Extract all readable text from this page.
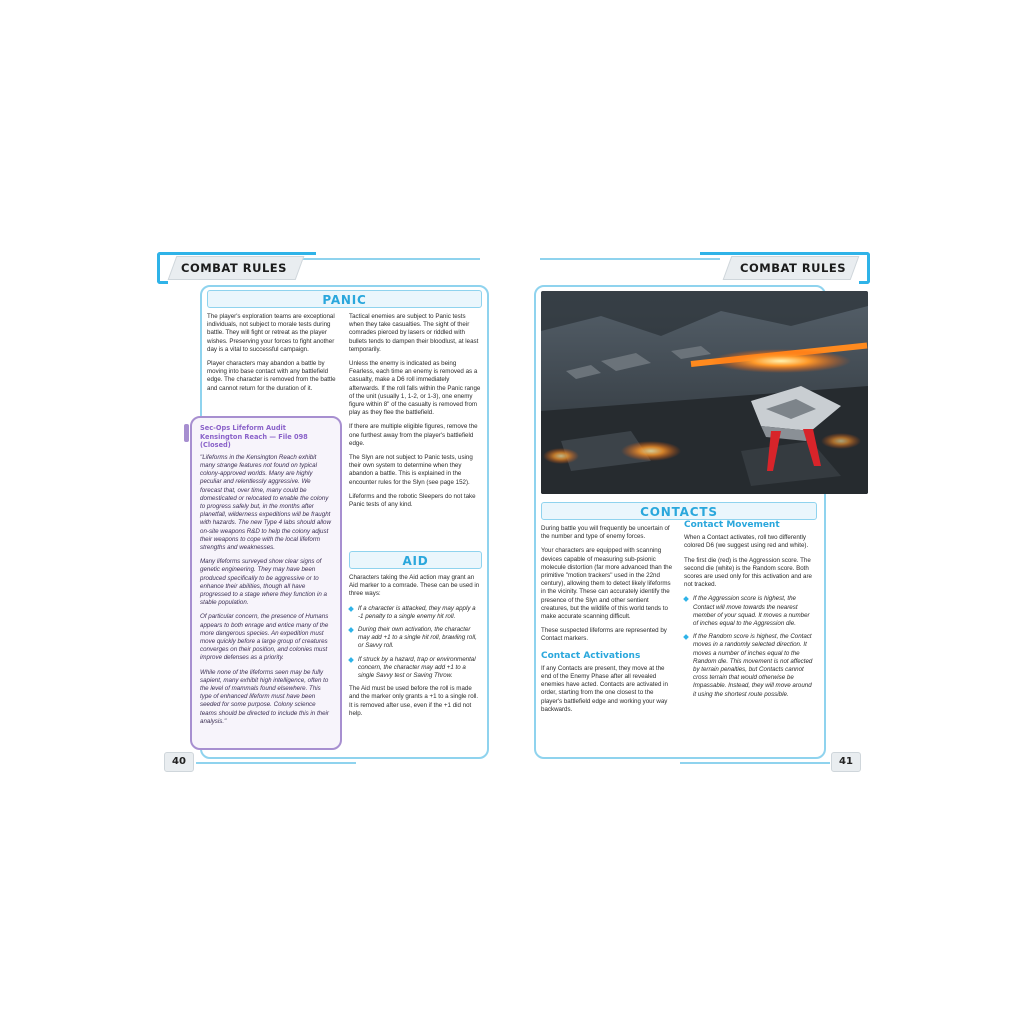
COMBAT RULES
PANIC

The player's exploration teams are exceptional individuals, not subject to morale tests during battle. They will fight or retreat as the player wishes. Preserving your forces to fight another day is a vital to successful campaign.

Player characters may abandon a battle by moving into base contact with any battlefield edge. The character is removed from the battle and cannot return for the duration of it.

Tactical enemies are subject to Panic tests when they take casualties. The sight of their comrades pierced by lasers or riddled with bullets tends to dampen their bloodlust, at least temporarily.

Unless the enemy is indicated as being Fearless, each time an enemy is removed as a casualty, make a D6 roll immediately afterwards. If the roll falls within the Panic range of the unit (usually 1, 1-2, or 1-3), one enemy figure within 8" of the casualty is removed from play as they flee the battlefield.

If there are multiple eligible figures, remove the one furthest away from the player's battlefield edge.

The Slyn are not subject to Panic tests, using their own system to determine when they abandon a battle. This is explained in the encounter rules for the Slyn (see page 152).

Lifeforms and the robotic Sleepers do not take Panic tests of any kind.

AID

Characters taking the Aid action may grant an Aid marker to a comrade. These can be used in three ways:

If a character is attacked, they may apply a -1 penalty to a single enemy hit roll.
During their own activation, the character may add +1 to a single hit roll, brawling roll, or Savvy roll.
If struck by a hazard, trap or environmental concern, the character may add +1 to a single Savvy test or Saving Throw.

The Aid must be used before the roll is made and the marker only grants a +1 to a single roll. It is removed after use, even if the +1 did not help.

Sec-Ops Lifeform Audit
Kensington Reach — File 098 (Closed)

"Lifeforms in the Kensington Reach exhibit many strange features not found on typical colony-approved worlds. Many are highly peculiar and relentlessly aggressive. We forecast that, over time, many could be domesticated or relocated to enable the colony to progress safely but, in the months after planetfall, wilderness expeditions will be fraught with hazards. The new Type 4 labs should allow on-site weapons R&D to help the colony adjust their weapons to cope with the local lifeform strengths and weaknesses.

Many lifeforms surveyed show clear signs of genetic engineering. They may have been produced specifically to be aggressive or to enhance their abilities, though all have progressed to a stage where they function in a stable population.

Of particular concern, the presence of Humans appears to both enrage and entice many of the more dangerous species. An expedition must move quickly before a large group of creatures converges on their position, and colonies must improve defenses as a priority.

While none of the lifeforms seen may be fully sapient, many exhibit high intelligence, often to the level of mammals found elsewhere. This type of enhanced lifeform must have been seeded for some purpose. Colony science teams should be directed to include this in their analysis."

40
COMBAT RULES
CONTACTS

During battle you will frequently be uncertain of the number and type of enemy forces.

Your characters are equipped with scanning devices capable of measuring sub-psionic molecule distortion (far more advanced than the primitive "motion trackers" used in the 22nd century), allowing them to detect likely lifeforms in the vicinity. These can accurately identify the presence of the Slyn and other sentient creatures, but the wildlife of this world tends to make accurate scanning difficult.

These suspected lifeforms are represented by Contact markers.

Contact Activations

If any Contacts are present, they move at the end of the Enemy Phase after all revealed enemies have acted. Contacts are activated in order, starting from the one closest to the player's battlefield edge and working your way backwards.

Contact Movement

When a Contact activates, roll two differently colored D6 (we suggest using red and white).

The first die (red) is the Aggression score. The second die (white) is the Random score. Both scores are used only for this activation and are not tracked.

If the Aggression score is highest, the Contact will move towards the nearest member of your squad. It moves a number of inches equal to the Aggression die.
If the Random score is highest, the Contact moves in a randomly selected direction. It moves a number of inches equal to the Random die. This movement is not affected by terrain penalties, but Contacts cannot cross terrain that would otherwise be Impassable. Instead, they will move around it using the shortest route possible.
41
